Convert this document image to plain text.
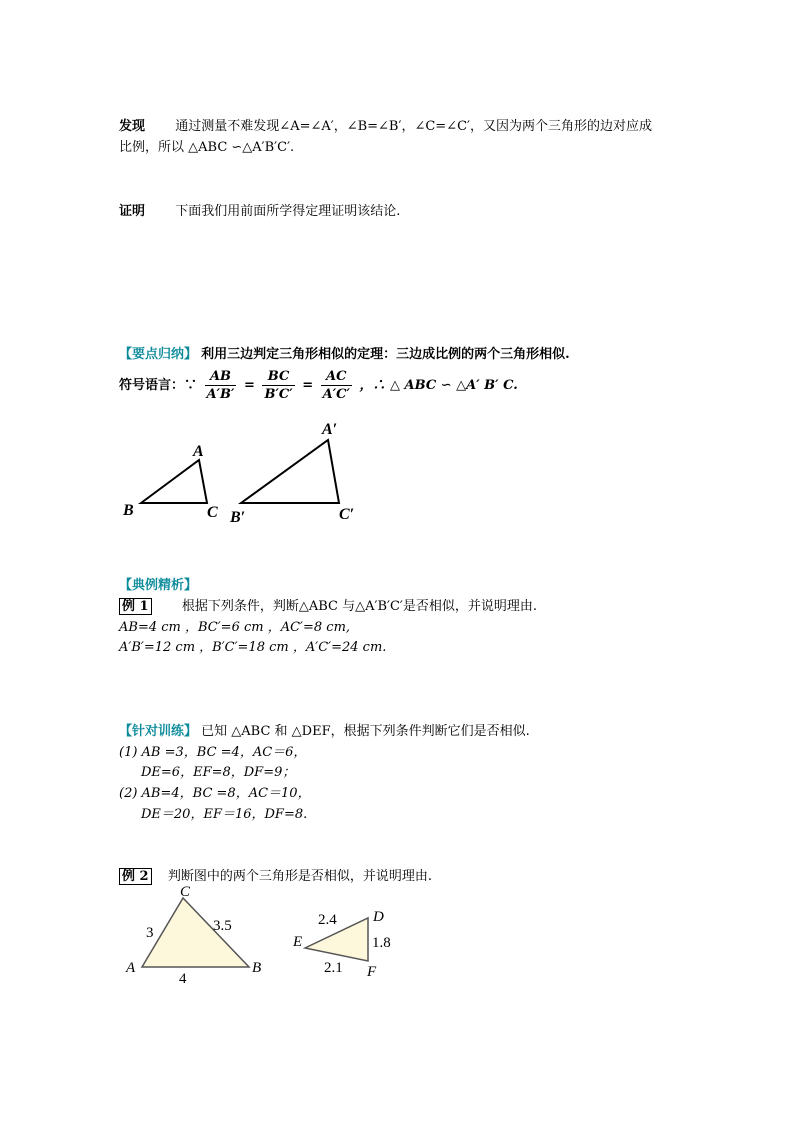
发现 通过测量不难发现∠A=∠A′，∠B=∠B′，∠C=∠C′，又因为两个三角形的边对应成
比例，所以 △ABC ∽△A′B′C′.
证明 下面我们用前面所学得定理证明该结论.
【要点归纳】 利用三边判定三角形相似的定理：三边成比例的两个三角形相似.
符号语言：∵ $\frac{AB}{A'B'} = \frac{BC}{B'C'} = \frac{AC}{A'C'}$ ，∴ △ ABC ∽ △A′ B′ C.
A
B	C
A′
B′	C′
【典例精析】
例 1	根据下列条件，判断△ABC 与△A′B′C′是否相似，并说明理由.
AB=4 cm ，BC′=6 cm ，AC′=8 cm,
A′B′=12 cm ，B′C′=18 cm ，A′C′=24 cm.
【针对训练】 已知 △ABC 和 △DEF，根据下列条件判断它们是否相似.
(1) AB =3，BC =4，AC＝6，
DE=6，EF=8，DF=9；
(2) AB=4，BC =8，AC＝10，
DE＝20，EF＝16，DF=8.
例 2 判断图中的两个三角形是否相似，并说明理由.
C
A	B
3	3.5
4
D
E
F
2.4
1.8
2.1
